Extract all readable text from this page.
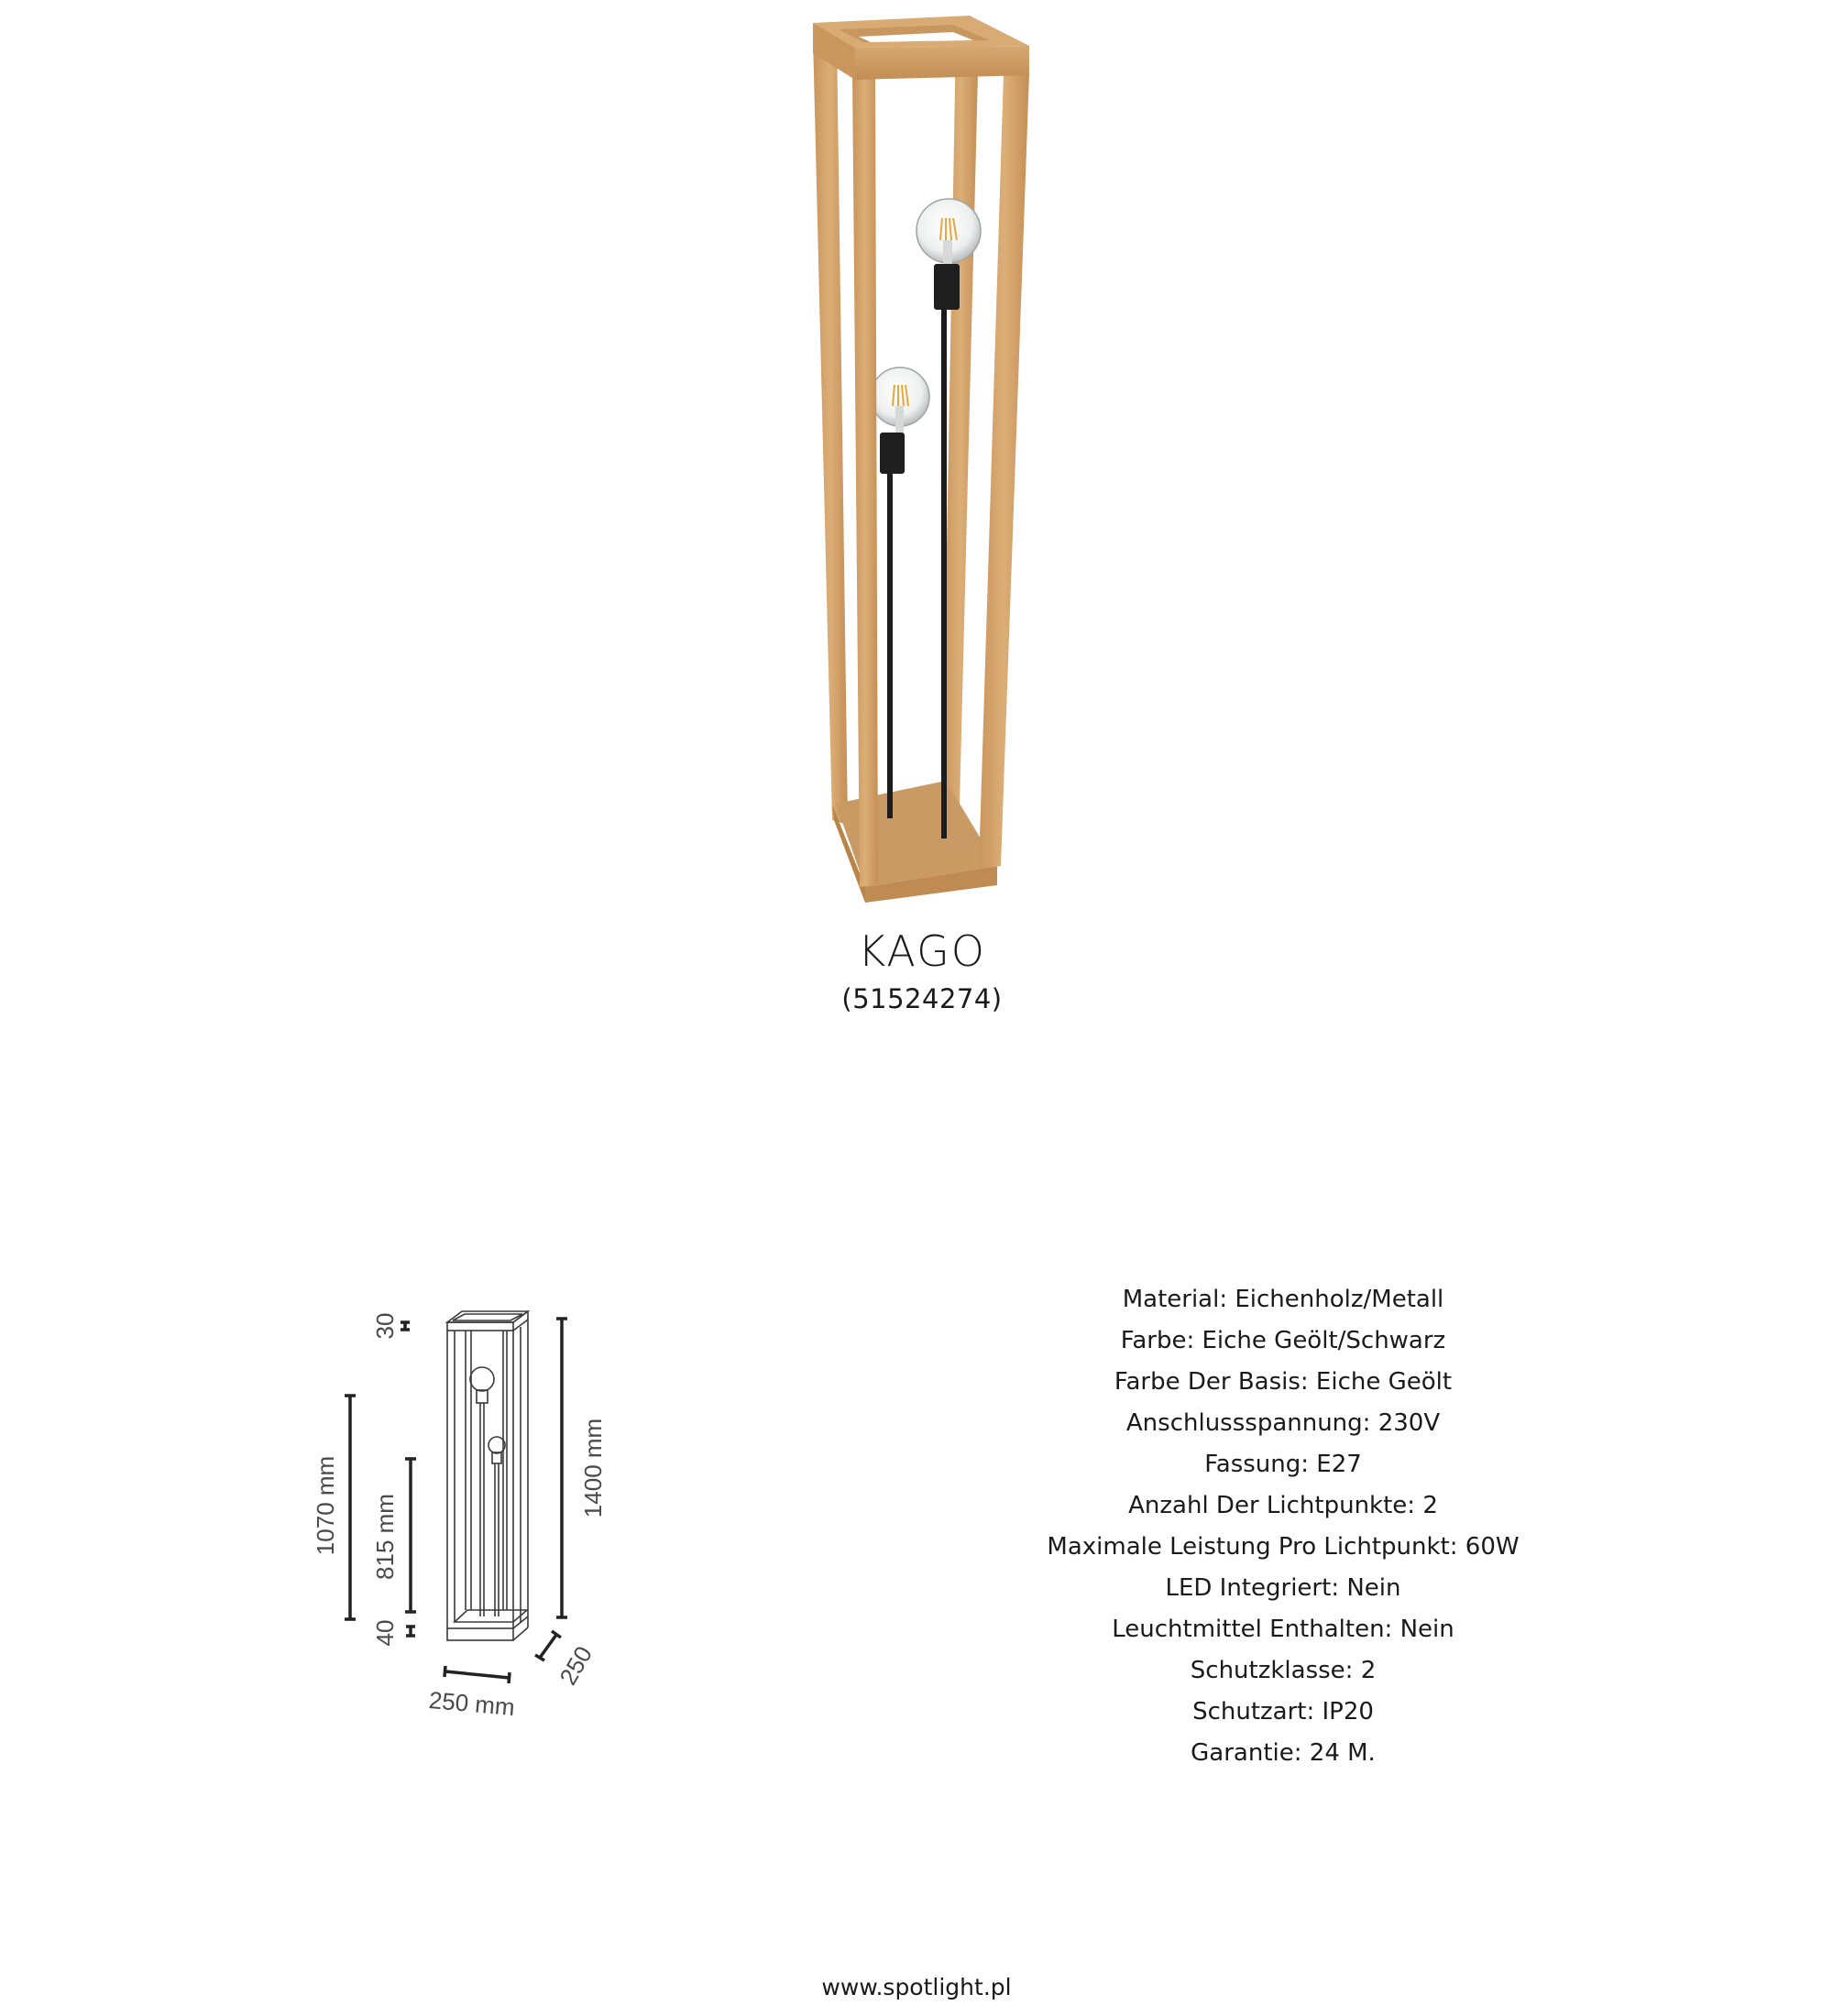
KAGO
(51524274)
30
1070 mm 815 mm
40
1400 mm
250 mm
250
Material: Eichenholz/Metall
Farbe: Eiche Geölt/Schwarz
Farbe Der Basis: Eiche Geölt
Anschlussspannung: 230V
Fassung: E27
Anzahl Der Lichtpunkte: 2
Maximale Leistung Pro Lichtpunkt: 60W
LED Integriert: Nein
Leuchtmittel Enthalten: Nein
Schutzklasse: 2
Schutzart: IP20
Garantie: 24 M.
www.spotlight.pl
